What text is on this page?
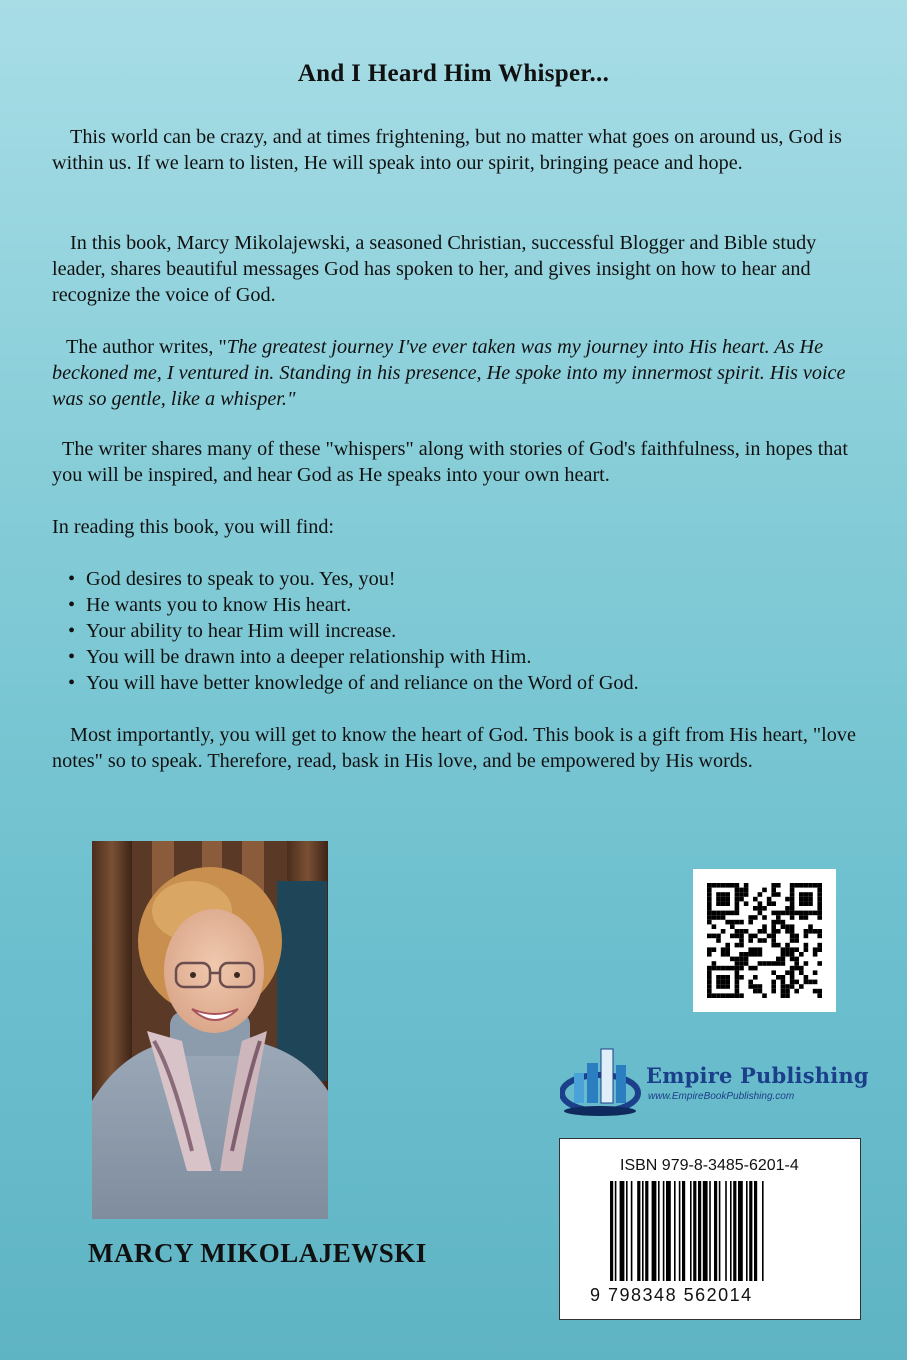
And I Heard Him Whisper...

This world can be crazy, and at times frightening, but no matter what goes on around us, God is within us. If we learn to listen, He will speak into our spirit, bringing peace and hope.

In this book, Marcy Mikolajewski, a seasoned Christian, successful Blogger and Bible study leader, shares beautiful messages God has spoken to her, and gives insight on how to hear and recognize the voice of God.

The author writes, "The greatest journey I've ever taken was my journey into His heart. As He beckoned me, I ventured in. Standing in his presence, He spoke into my innermost spirit. His voice was so gentle, like a whisper."

The writer shares many of these "whispers" along with stories of God's faithfulness, in hopes that you will be inspired, and hear God as He speaks into your own heart.

In reading this book, you will find:

• God desires to speak to you. Yes, you!
• He wants you to know His heart.
• Your ability to hear Him will increase.
• You will be drawn into a deeper relationship with Him.
• You will have better knowledge of and reliance on the Word of God.

Most importantly, you will get to know the heart of God. This book is a gift from His heart, "love notes" so to speak. Therefore, read, bask in His love, and be empowered by His words.

MARCY MIKOLAJEWSKI
Empire Publishing
www.EmpireBookPublishing.com
ISBN 979-8-3485-6201-4
9 798348 562014
